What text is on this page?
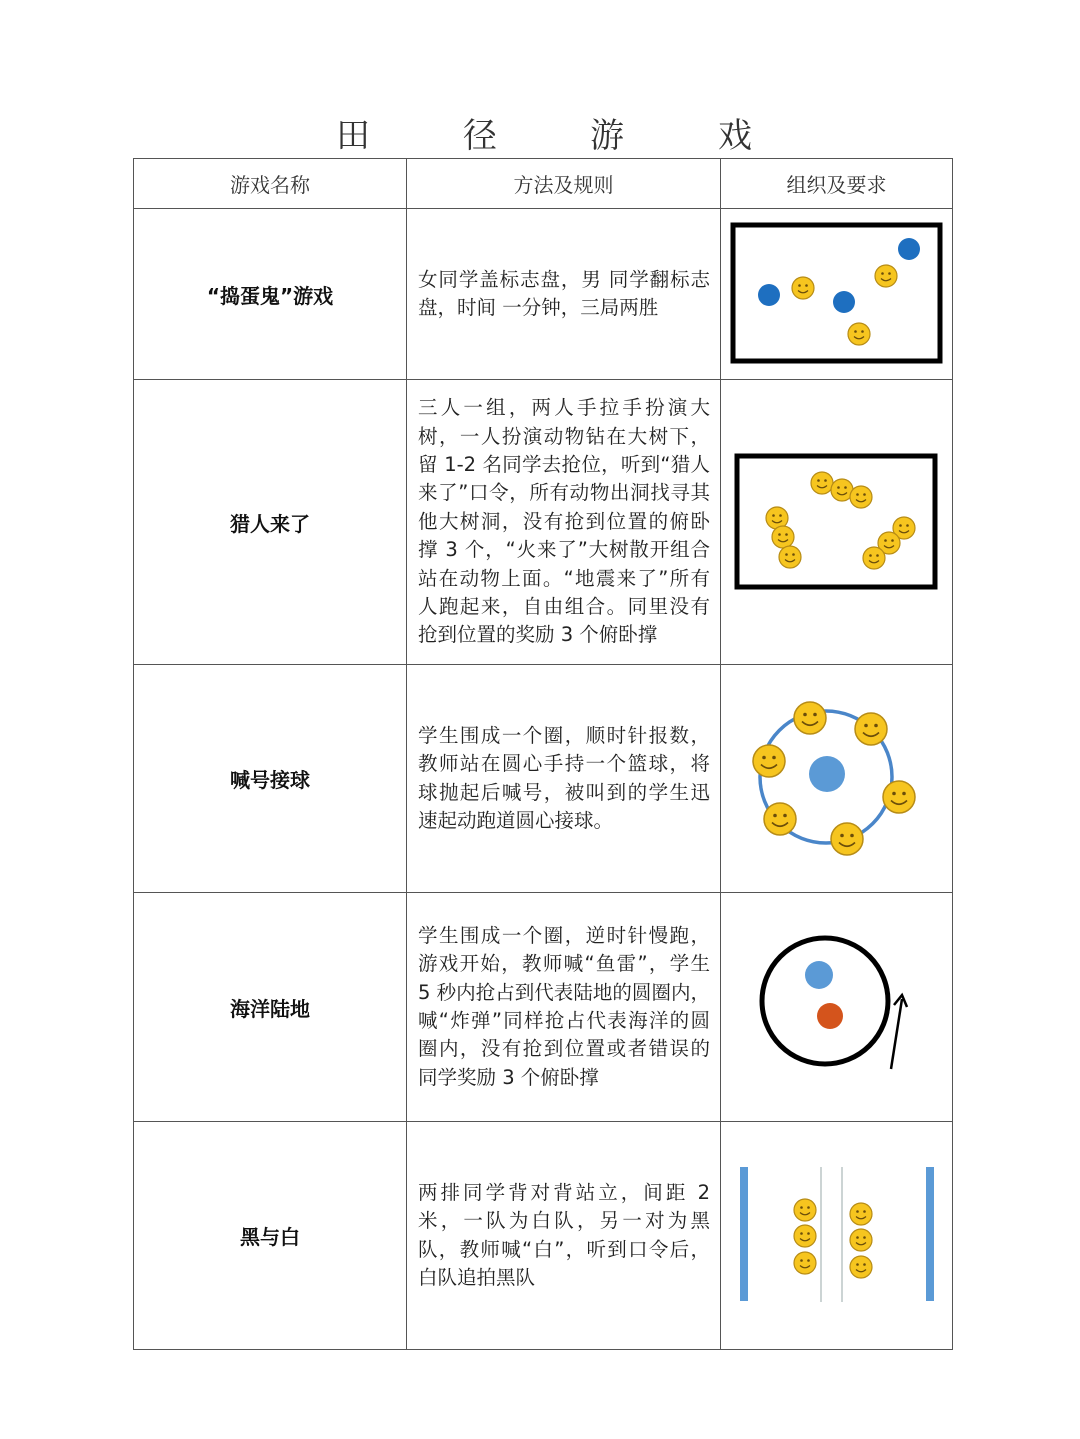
田	径	游	戏
游戏名称	方法及规则	组织及要求
“捣蛋鬼”游戏	女同学盖标志盘，男 同学翻标志盘，时间 一分钟，三局两胜	

猎人来了	三人一组，两人手拉手扮演大树，一人扮演动物钻在大树下，留 1-2 名同学去抢位，听到“猎人来了”口令，所有动物出洞找寻其他大树洞，没有抢到位置的俯卧撑 3 个，“火来了”大树散开组合站在动物上面。“地震来了”所有人跑起来，自由组合。同里没有抢到位置的奖励 3 个俯卧撑	

喊号接球	学生围成一个圈，顺时针报数，教师站在圆心手持一个篮球，将球抛起后喊号，被叫到的学生迅速起动跑道圆心接球。	

海洋陆地	学生围成一个圈，逆时针慢跑，游戏开始，教师喊“鱼雷”，学生 5 秒内抢占到代表陆地的圆圈内，喊“炸弹”同样抢占代表海洋的圆圈内，没有抢到位置或者错误的同学奖励 3 个俯卧撑	

黑与白	两排同学背对背站立，间距 2 米，一队为白队，另一对为黑队，教师喊“白”，听到口令后，白队追拍黑队	
